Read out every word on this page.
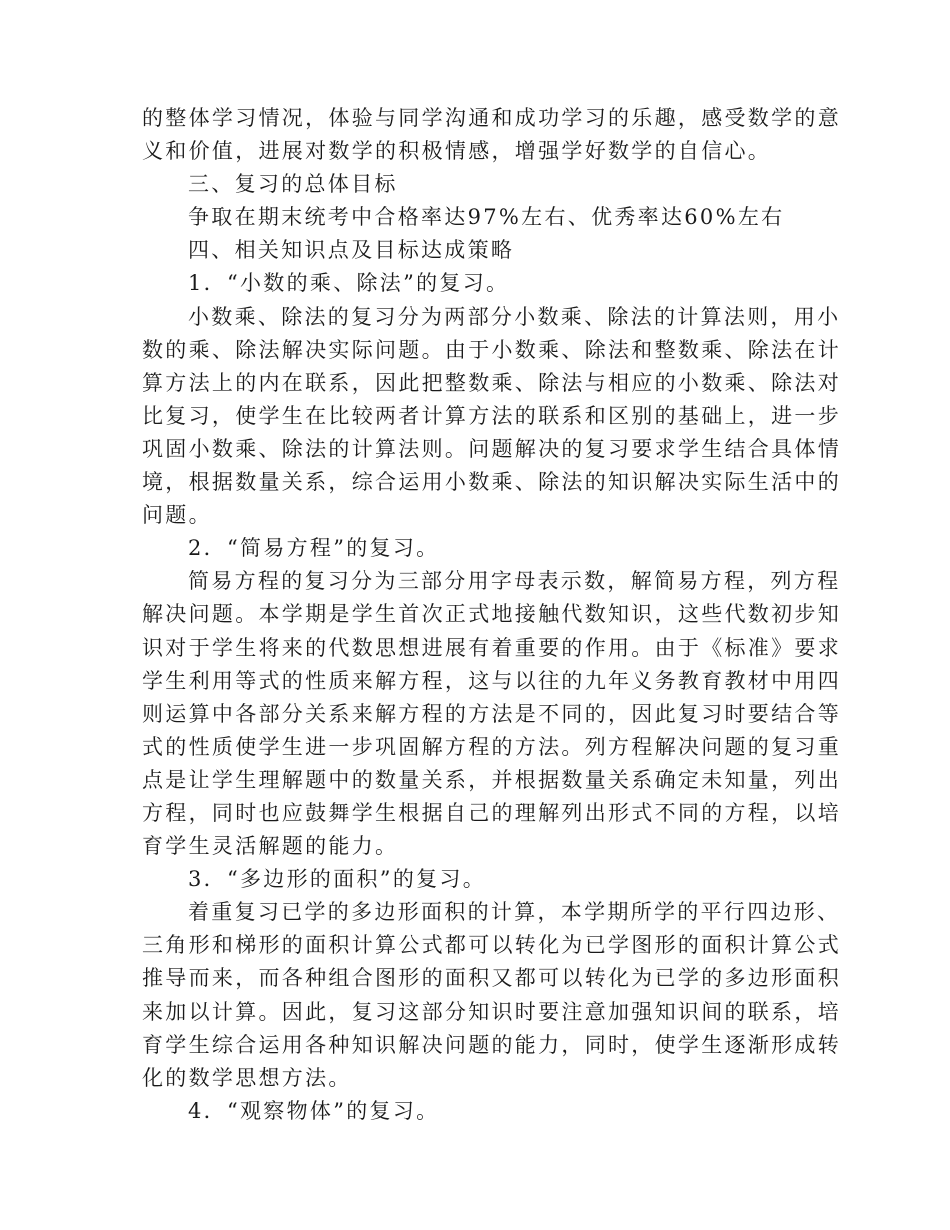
的整体学习情况，体验与同学沟通和成功学习的乐趣，感受数学的意

义和价值，进展对数学的积极情感，增强学好数学的自信心。

三、复习的总体目标

争取在期末统考中合格率达97%左右、优秀率达60%左右

四、相关知识点及目标达成策略

1．“小数的乘、除法”的复习。

小数乘、除法的复习分为两部分小数乘、除法的计算法则，用小

数的乘、除法解决实际问题。由于小数乘、除法和整数乘、除法在计

算方法上的内在联系，因此把整数乘、除法与相应的小数乘、除法对

比复习，使学生在比较两者计算方法的联系和区别的基础上，进一步

巩固小数乘、除法的计算法则。问题解决的复习要求学生结合具体情

境，根据数量关系，综合运用小数乘、除法的知识解决实际生活中的

问题。

2．“简易方程”的复习。

简易方程的复习分为三部分用字母表示数，解简易方程，列方程

解决问题。本学期是学生首次正式地接触代数知识，这些代数初步知

识对于学生将来的代数思想进展有着重要的作用。由于《标准》要求

学生利用等式的性质来解方程，这与以往的九年义务教育教材中用四

则运算中各部分关系来解方程的方法是不同的，因此复习时要结合等

式的性质使学生进一步巩固解方程的方法。列方程解决问题的复习重

点是让学生理解题中的数量关系，并根据数量关系确定未知量，列出

方程，同时也应鼓舞学生根据自己的理解列出形式不同的方程，以培

育学生灵活解题的能力。

3．“多边形的面积”的复习。

着重复习已学的多边形面积的计算，本学期所学的平行四边形、

三角形和梯形的面积计算公式都可以转化为已学图形的面积计算公式

推导而来，而各种组合图形的面积又都可以转化为已学的多边形面积

来加以计算。因此，复习这部分知识时要注意加强知识间的联系，培

育学生综合运用各种知识解决问题的能力，同时，使学生逐渐形成转

化的数学思想方法。

4．“观察物体”的复习。
